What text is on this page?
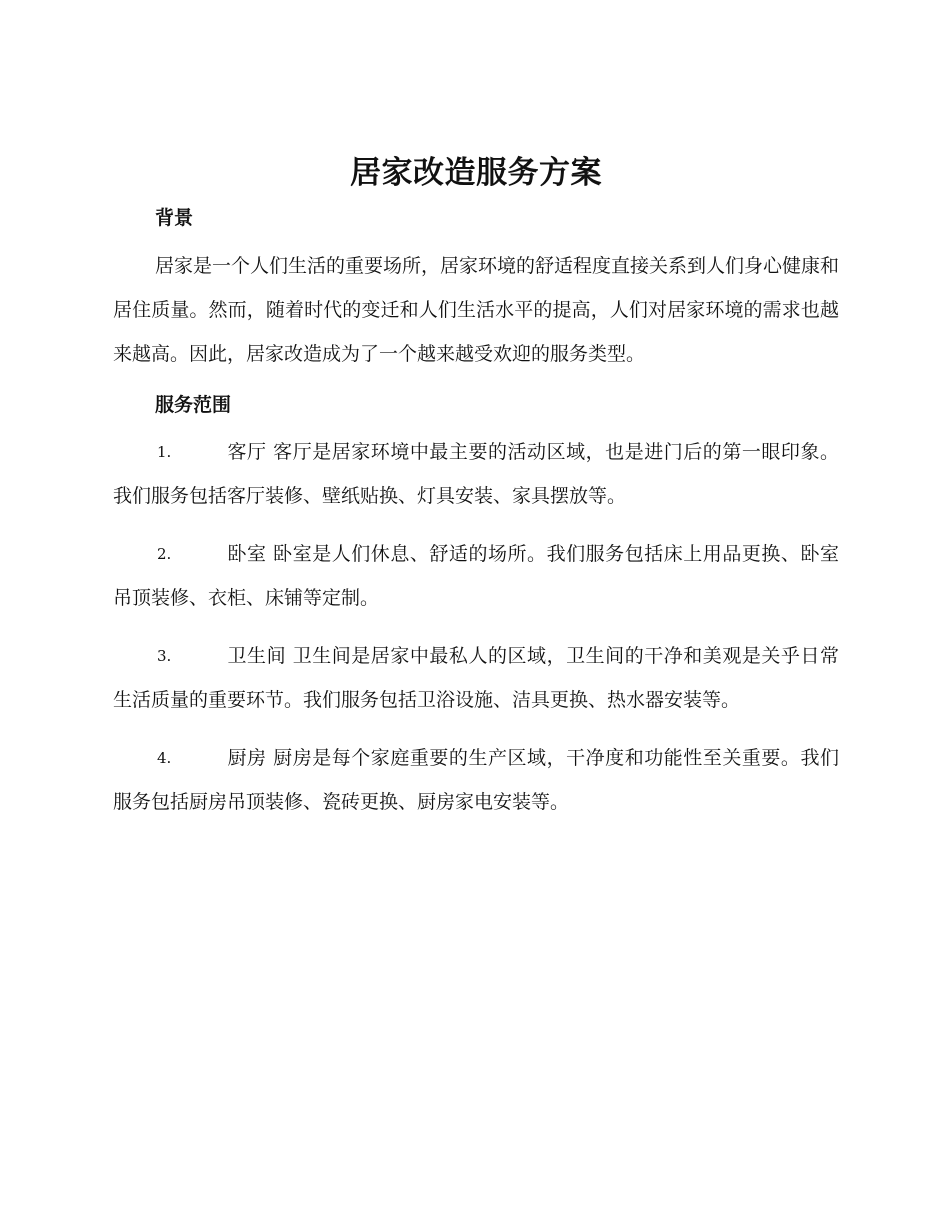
居家改造服务方案
背景

居家是一个人们生活的重要场所，居家环境的舒适程度直接关系到人们身心健康和居住质量。然而，随着时代的变迁和人们生活水平的提高，人们对居家环境的需求也越来越高。因此，居家改造成为了一个越来越受欢迎的服务类型。

服务范围

1.	客厅 客厅是居家环境中最主要的活动区域，也是进门后的第一眼印象。我们服务包括客厅装修、壁纸贴换、灯具安装、家具摆放等。

2.	卧室 卧室是人们休息、舒适的场所。我们服务包括床上用品更换、卧室吊顶装修、衣柜、床铺等定制。

3.	卫生间 卫生间是居家中最私人的区域，卫生间的干净和美观是关乎日常生活质量的重要环节。我们服务包括卫浴设施、洁具更换、热水器安装等。

4.	厨房 厨房是每个家庭重要的生产区域，干净度和功能性至关重要。我们服务包括厨房吊顶装修、瓷砖更换、厨房家电安装等。
